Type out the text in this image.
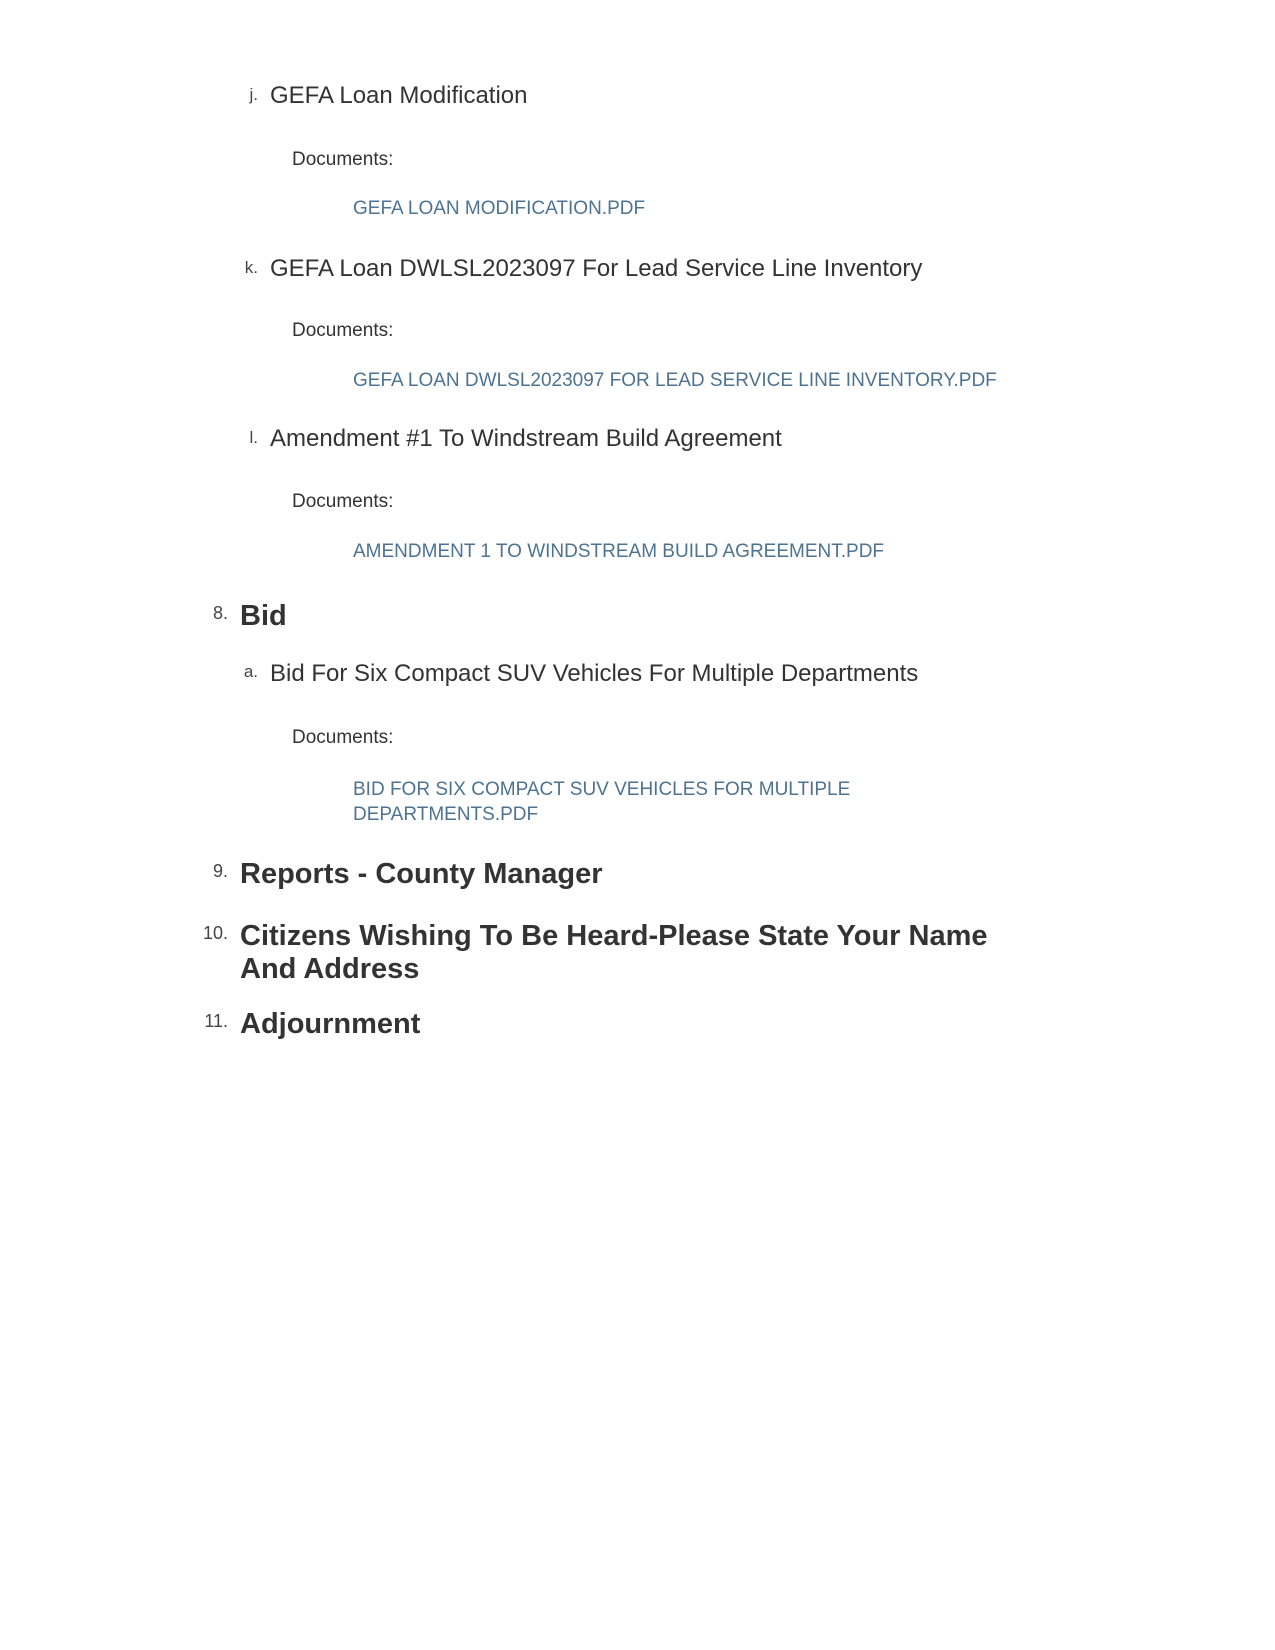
j. GEFA Loan Modification
Documents:
GEFA LOAN MODIFICATION.PDF
k. GEFA Loan DWLSL2023097 For Lead Service Line Inventory
Documents:
GEFA LOAN DWLSL2023097 FOR LEAD SERVICE LINE INVENTORY.PDF
l. Amendment #1 To Windstream Build Agreement
Documents:
AMENDMENT 1 TO WINDSTREAM BUILD AGREEMENT.PDF
8. Bid
a. Bid For Six Compact SUV Vehicles For Multiple Departments
Documents:
BID FOR SIX COMPACT SUV VEHICLES FOR MULTIPLE
DEPARTMENTS.PDF
9. Reports - County Manager
10. Citizens Wishing To Be Heard-Please State Your Name
And Address
11. Adjournment
